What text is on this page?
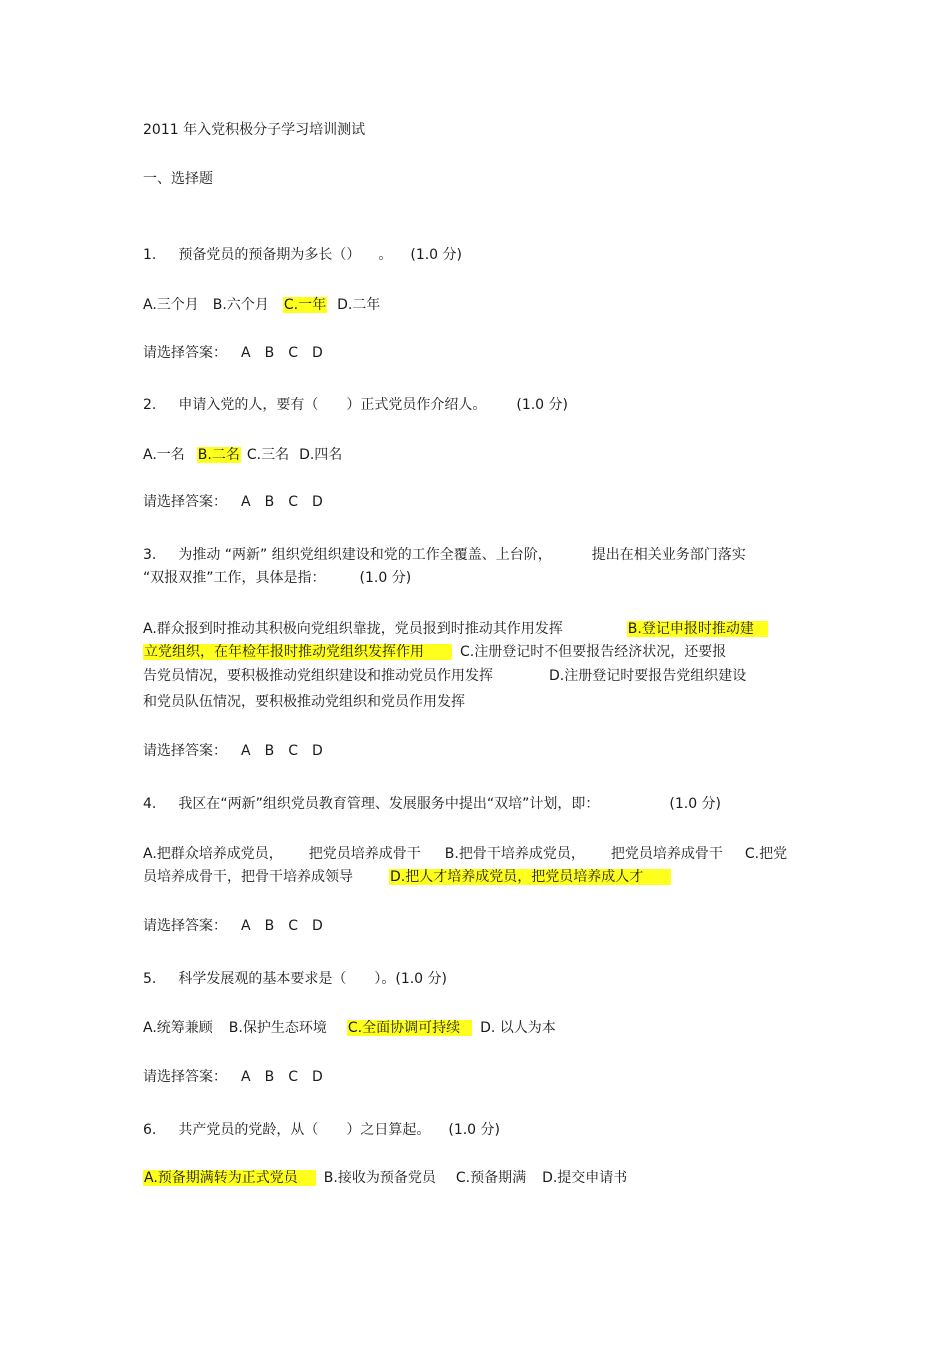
2011 年入党积极分子学习培训测试
一、选择题
1. 预备党员的预备期为多长（） 。 (1.0 分)
A.三个月 B.六个月 C.一年 D.二年
请选择答案： A B C D
2. 申请入党的人，要有（　　）正式党员作介绍人。 (1.0 分)
A.一名 B.二名 C.三名 D.四名
请选择答案： A B C D
3. 为推动 “两新” 组织党组织建设和党的工作全覆盖、上台阶，	提出在相关业务部门落实
“双报双推”工作，具体是指： (1.0 分)
A.群众报到时推动其积极向党组织靠拢，党员报到时推动其作用发挥	B.登记申报时推动建
立党组织，在年检年报时推动党组织发挥作用	C.注册登记时不但要报告经济状况，还要报
告党员情况，要积极推动党组织建设和推动党员作用发挥	D.注册登记时要报告党组织建设
和党员队伍情况，要积极推动党组织和党员作用发挥
请选择答案： A B C D
4. 我区在“两新”组织党员教育管理、发展服务中提出“双培”计划，即：	(1.0 分)
A.把群众培养成党员， 把党员培养成骨干 B.把骨干培养成党员， 把党员培养成骨干 C.把党
员培养成骨干，把骨干培养成领导	D.把人才培养成党员，把党员培养成人才
请选择答案： A B C D
5. 科学发展观的基本要求是（　　）。(1.0 分)
A.统筹兼顾 B.保护生态环境 C.全面协调可持续 D. 以人为本
请选择答案： A B C D
6. 共产党员的党龄，从（　　）之日算起。 (1.0 分)
A.预备期满转为正式党员 B.接收为预备党员 C.预备期满 D.提交申请书
